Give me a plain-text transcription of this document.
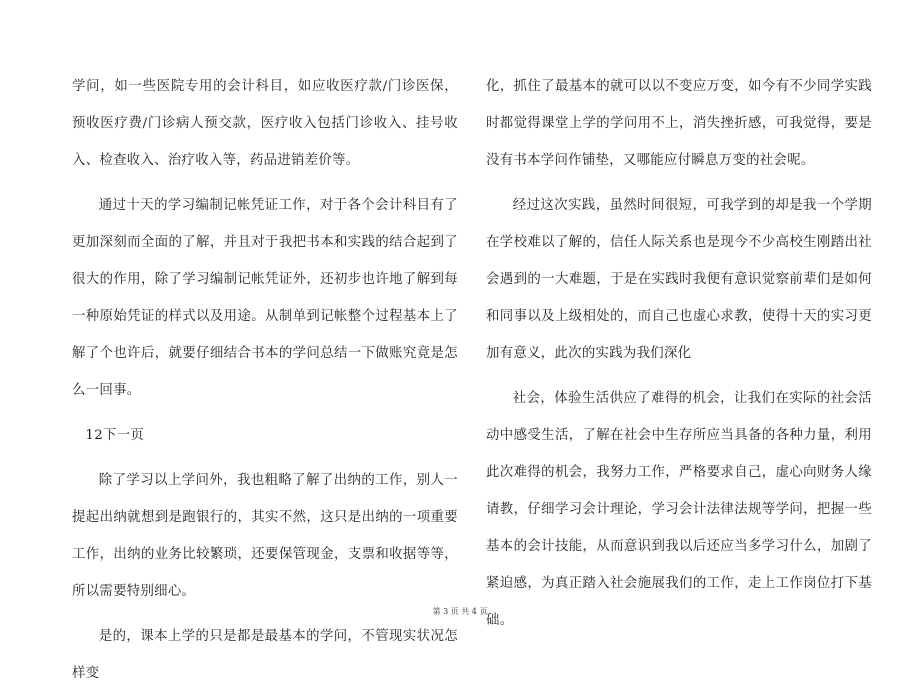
学问，如一些医院专用的会计科目，如应收医疗款/门诊医保，预收医疗费/门诊病人预交款，医疗收入包括门诊收入、挂号收入、检查收入、治疗收入等，药品进销差价等。

通过十天的学习编制记帐凭证工作，对于各个会计科目有了更加深刻而全面的了解，并且对于我把书本和实践的结合起到了很大的作用，除了学习编制记帐凭证外，还初步也许地了解到每一种原始凭证的样式以及用途。从制单到记帐整个过程基本上了解了个也许后，就要仔细结合书本的学问总结一下做账究竟是怎么一回事。

12下一页

除了学习以上学问外，我也粗略了解了出纳的工作，别人一提起出纳就想到是跑银行的，其实不然，这只是出纳的一项重要工作，出纳的业务比较繁琐，还要保管现金，支票和收据等等，所以需要特别细心。

是的，课本上学的只是都是最基本的学问，不管现实状况怎样变

化，抓住了最基本的就可以以不变应万变，如今有不少同学实践时都觉得课堂上学的学问用不上，消失挫折感，可我觉得，要是没有书本学问作铺垫，又哪能应付瞬息万变的社会呢。

经过这次实践，虽然时间很短，可我学到的却是我一个学期在学校难以了解的，信任人际关系也是现今不少高校生刚踏出社会遇到的一大难题，于是在实践时我便有意识觉察前辈们是如何和同事以及上级相处的，而自己也虚心求教，使得十天的实习更加有意义，此次的实践为我们深化

社会，体验生活供应了难得的机会，让我们在实际的社会活动中感受生活，了解在社会中生存所应当具备的各种力量，利用此次难得的机会，我努力工作，严格要求自己，虚心向财务人缘请教，仔细学习会计理论，学习会计法律法规等学问，把握一些基本的会计技能，从而意识到我以后还应当多学习什么，加剧了紧迫感，为真正踏入社会施展我们的工作，走上工作岗位打下基础。

第 3 页 共 4 页
